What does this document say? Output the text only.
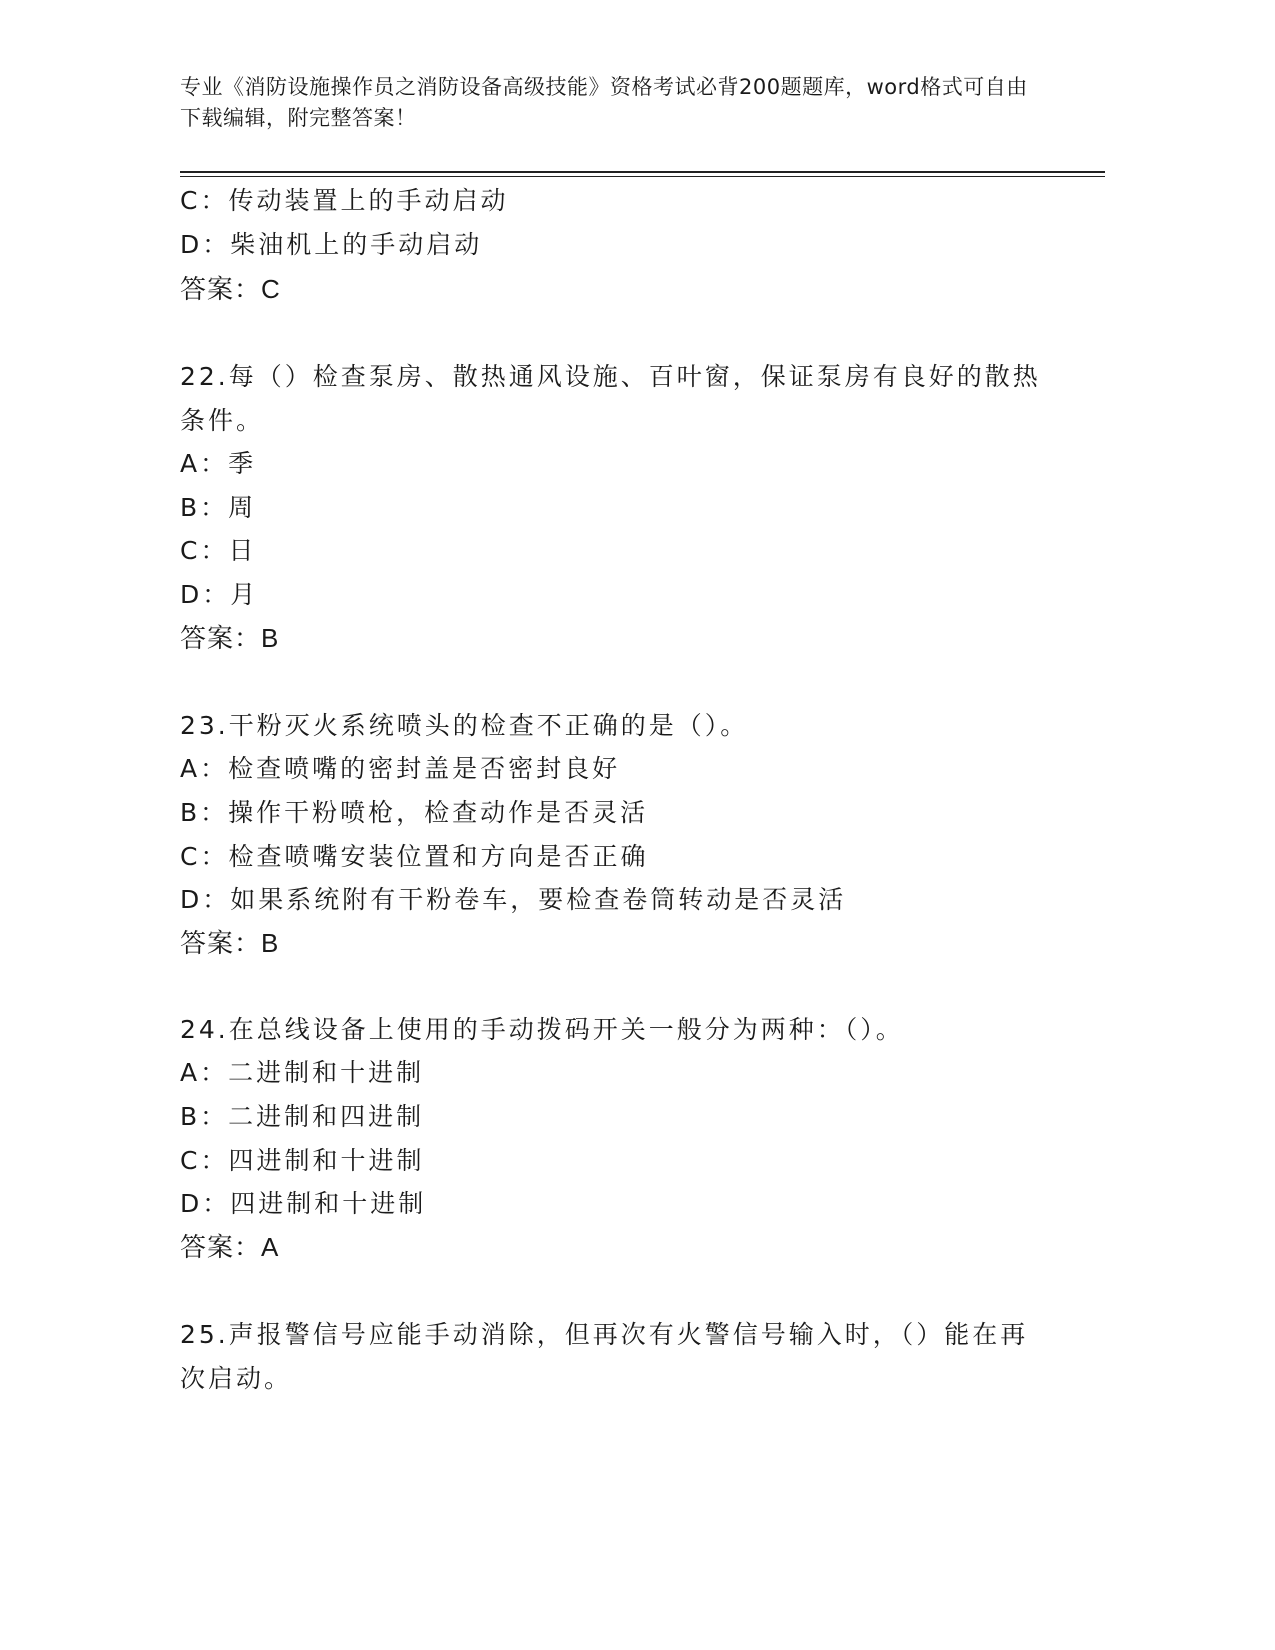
专业《消防设施操作员之消防设备高级技能》资格考试必背200题题库，word格式可自由下载编辑，附完整答案！
C：传动装置上的手动启动
D：柴油机上的手动启动
答案：C
22.每（）检查泵房、散热通风设施、百叶窗，保证泵房有良好的散热
条件。
A：季
B：周
C：日
D：月
答案：B
23.干粉灭火系统喷头的检查不正确的是（）。
A：检查喷嘴的密封盖是否密封良好
B：操作干粉喷枪，检查动作是否灵活
C：检查喷嘴安装位置和方向是否正确
D：如果系统附有干粉卷车，要检查卷筒转动是否灵活
答案：B
24.在总线设备上使用的手动拨码开关一般分为两种：（）。
A：二进制和十进制
B：二进制和四进制
C：四进制和十进制
D：四进制和十进制
答案：A
25.声报警信号应能手动消除，但再次有火警信号输入时，（）能在再
次启动。
